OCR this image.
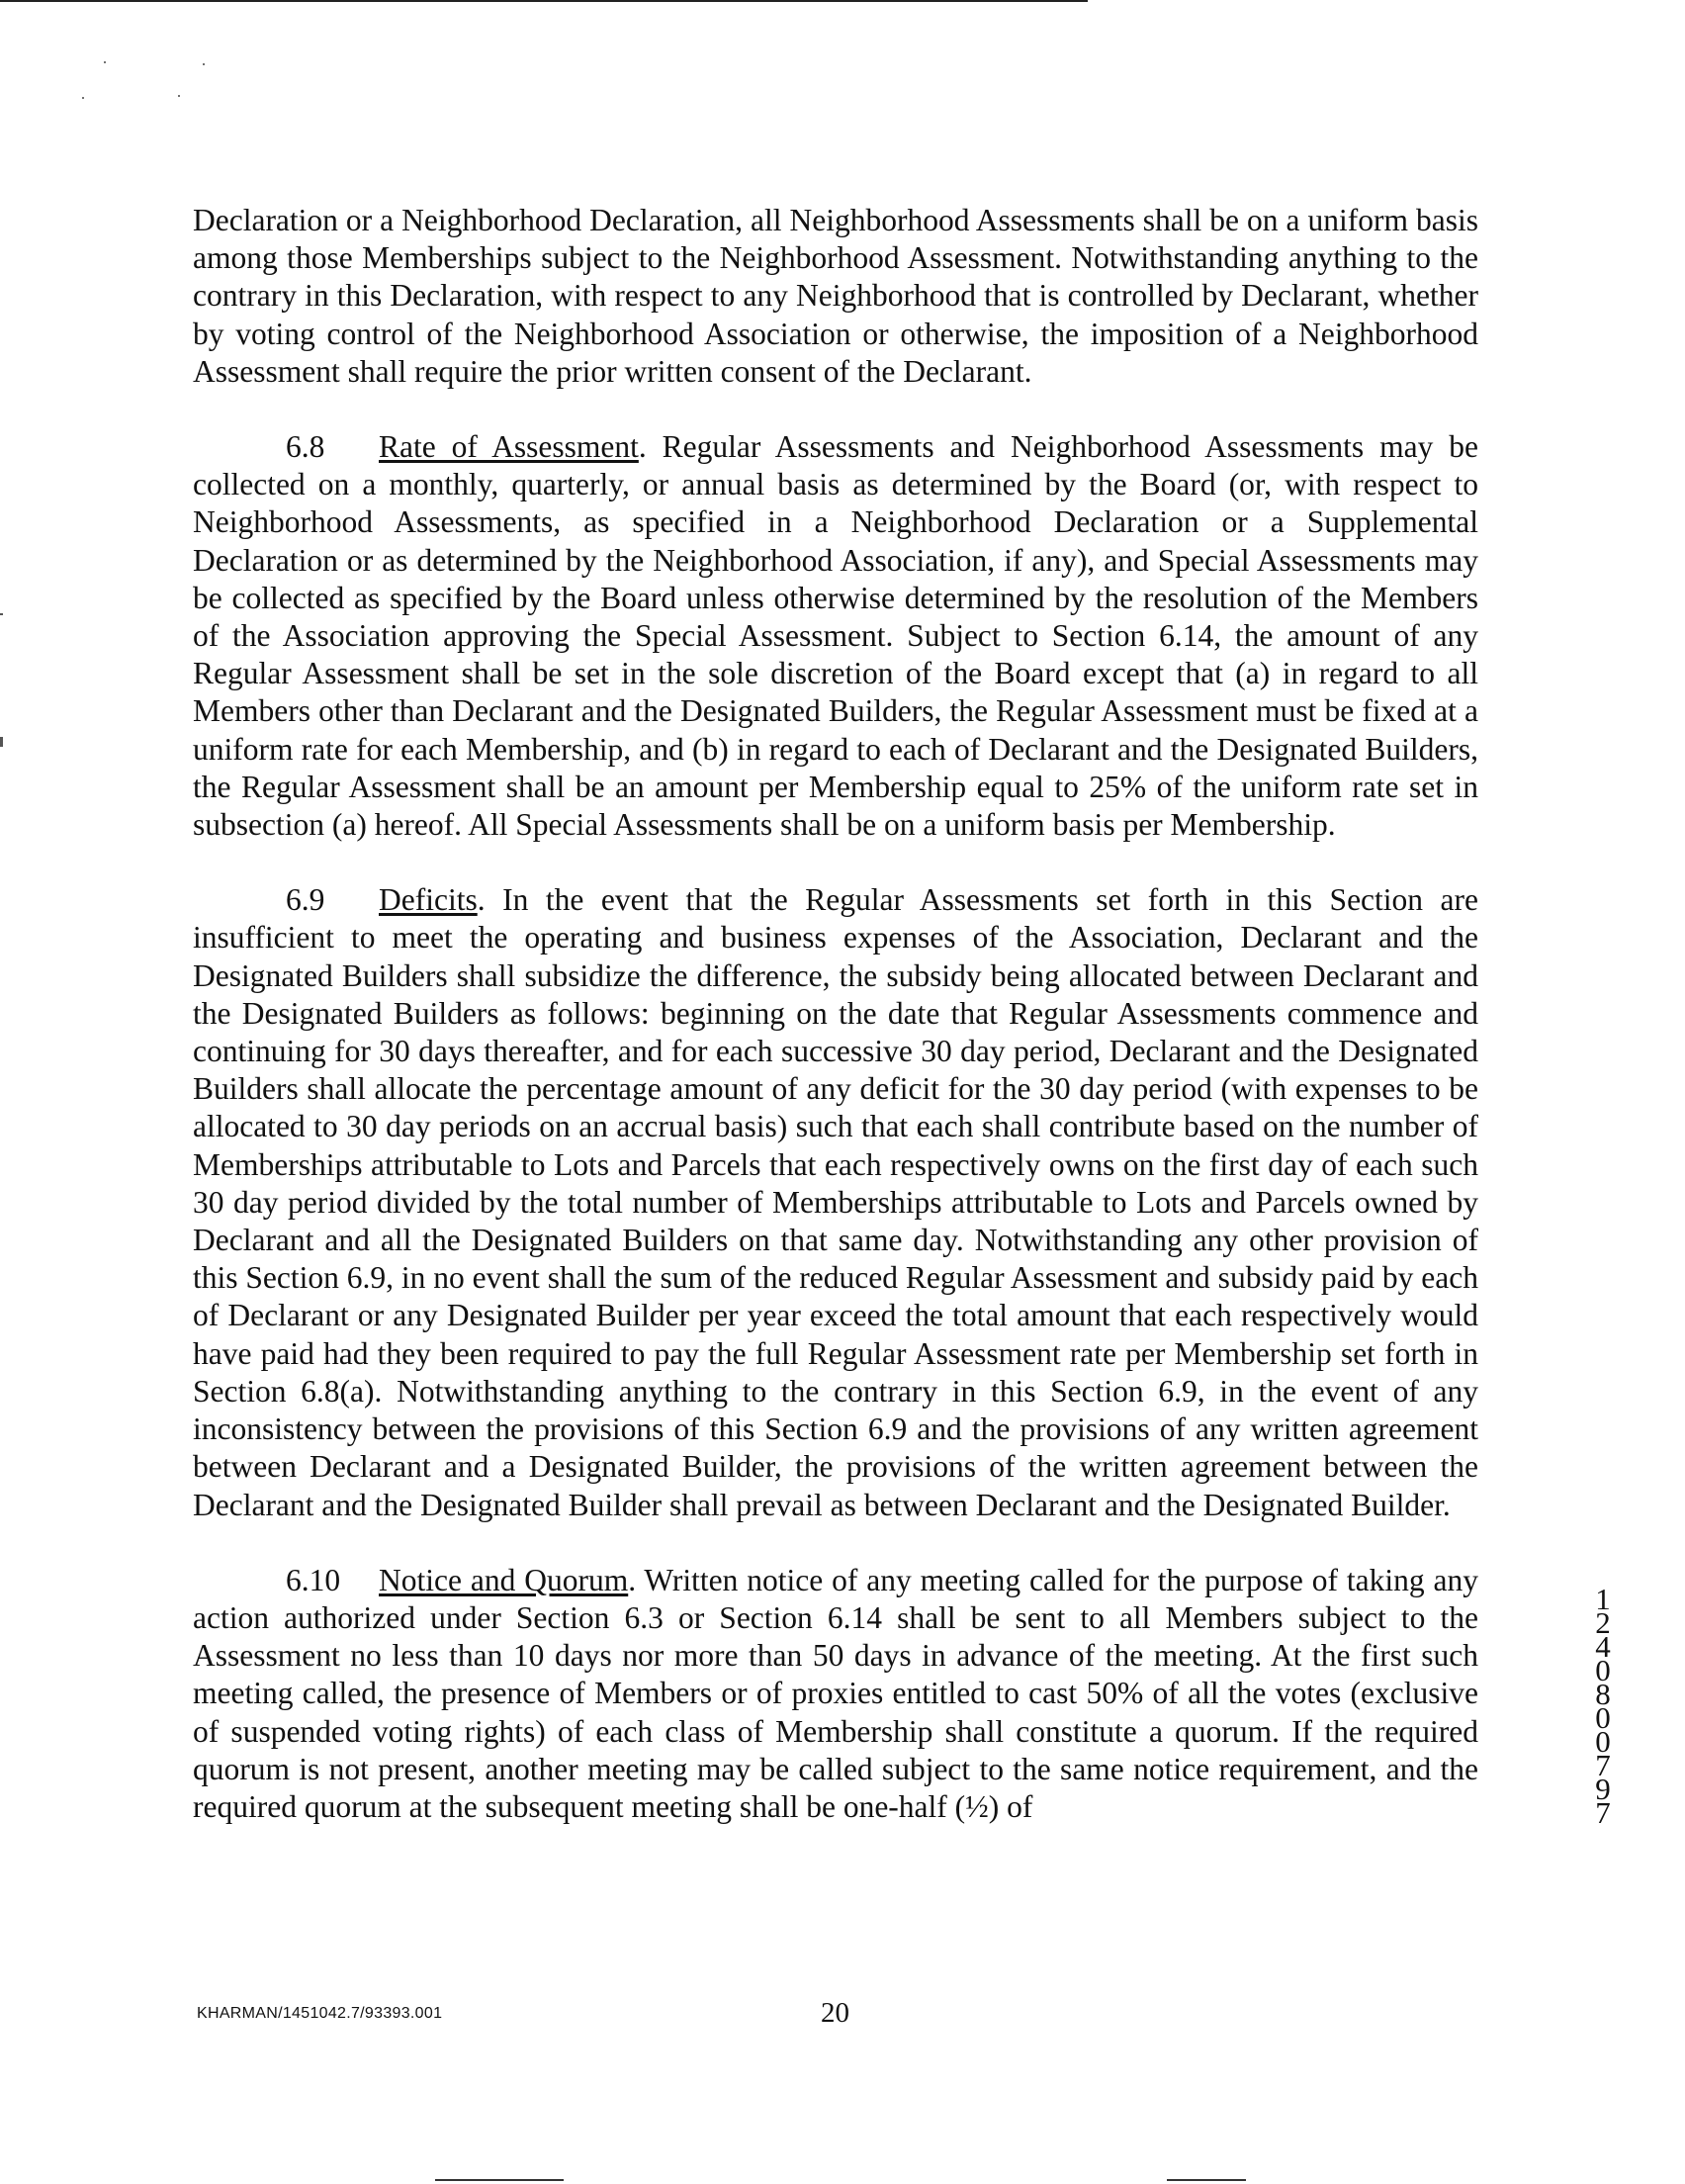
Declaration or a Neighborhood Declaration, all Neighborhood Assessments shall be on a uniform basis among those Memberships subject to the Neighborhood Assessment. Notwithstanding anything to the contrary in this Declaration, with respect to any Neighborhood that is controlled by Declarant, whether by voting control of the Neighborhood Association or otherwise, the imposition of a Neighborhood Assessment shall require the prior written consent of the Declarant.

6.8 Rate of Assessment. Regular Assessments and Neighborhood Assessments may be collected on a monthly, quarterly, or annual basis as determined by the Board (or, with respect to Neighborhood Assessments, as specified in a Neighborhood Declaration or a Supplemental Declaration or as determined by the Neighborhood Association, if any), and Special Assessments may be collected as specified by the Board unless otherwise determined by the resolution of the Members of the Association approving the Special Assessment. Subject to Section 6.14, the amount of any Regular Assessment shall be set in the sole discretion of the Board except that (a) in regard to all Members other than Declarant and the Designated Builders, the Regular Assessment must be fixed at a uniform rate for each Membership, and (b) in regard to each of Declarant and the Designated Builders, the Regular Assessment shall be an amount per Membership equal to 25% of the uniform rate set in subsection (a) hereof. All Special Assessments shall be on a uniform basis per Membership.

6.9 Deficits. In the event that the Regular Assessments set forth in this Section are insufficient to meet the operating and business expenses of the Association, Declarant and the Designated Builders shall subsidize the difference, the subsidy being allocated between Declarant and the Designated Builders as follows: beginning on the date that Regular Assessments commence and continuing for 30 days thereafter, and for each successive 30 day period, Declarant and the Designated Builders shall allocate the percentage amount of any deficit for the 30 day period (with expenses to be allocated to 30 day periods on an accrual basis) such that each shall contribute based on the number of Memberships attributable to Lots and Parcels that each respectively owns on the first day of each such 30 day period divided by the total number of Memberships attributable to Lots and Parcels owned by Declarant and all the Designated Builders on that same day. Notwithstanding any other provision of this Section 6.9, in no event shall the sum of the reduced Regular Assessment and subsidy paid by each of Declarant or any Designated Builder per year exceed the total amount that each respectively would have paid had they been required to pay the full Regular Assessment rate per Membership set forth in Section 6.8(a). Notwithstanding anything to the contrary in this Section 6.9, in the event of any inconsistency between the provisions of this Section 6.9 and the provisions of any written agreement between Declarant and a Designated Builder, the provisions of the written agreement between the Declarant and the Designated Builder shall prevail as between Declarant and the Designated Builder.

6.10 Notice and Quorum. Written notice of any meeting called for the purpose of taking any action authorized under Section 6.3 or Section 6.14 shall be sent to all Members subject to the Assessment no less than 10 days nor more than 50 days in advance of the meeting. At the first such meeting called, the presence of Members or of proxies entitled to cast 50% of all the votes (exclusive of suspended voting rights) of each class of Membership shall constitute a quorum. If the required quorum is not present, another meeting may be called subject to the same notice requirement, and the required quorum at the subsequent meeting shall be one-half (½) of

12408 00797
KHARMAN/1451042.7/93393.001	20
